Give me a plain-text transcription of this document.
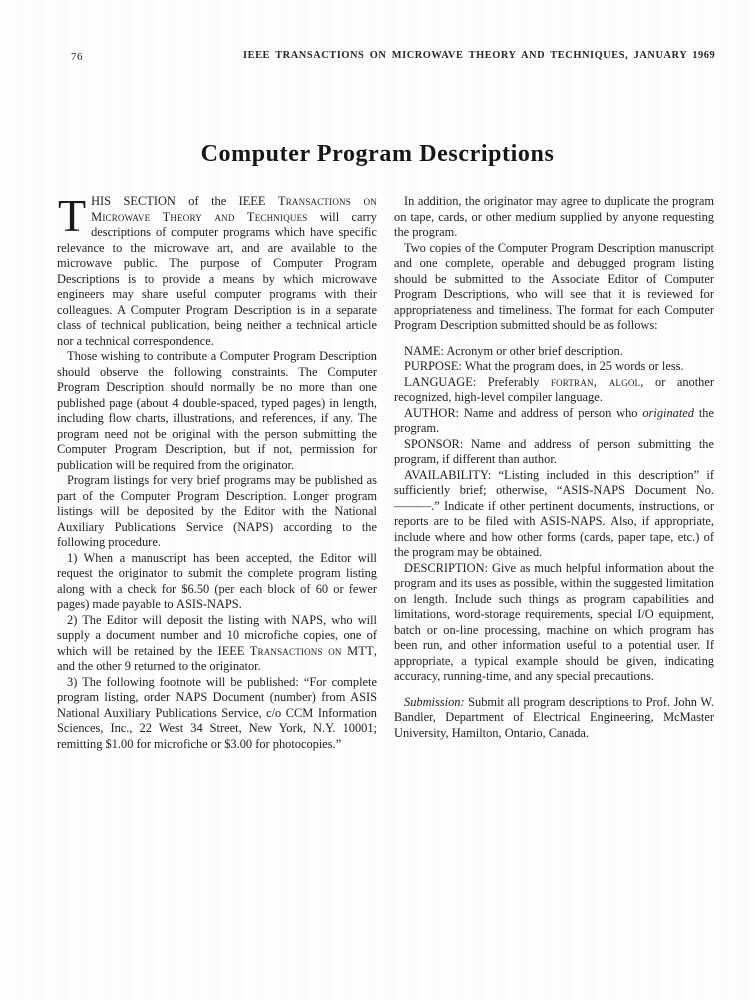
76	IEEE TRANSACTIONS ON MICROWAVE THEORY AND TECHNIQUES, JANUARY 1969
Computer Program Descriptions

THIS SECTION of the IEEE Transactions on Microwave Theory and Techniques will carry descriptions of computer programs which have specific relevance to the microwave art, and are available to the microwave public. The purpose of Computer Program Descriptions is to provide a means by which microwave engineers may share useful computer programs with their colleagues. A Computer Program Description is in a separate class of technical publication, being neither a technical article nor a technical correspondence.

Those wishing to contribute a Computer Program Description should observe the following constraints. The Computer Program Description should normally be no more than one published page (about 4 double-spaced, typed pages) in length, including flow charts, illustrations, and references, if any. The program need not be original with the person submitting the Computer Program Description, but if not, permission for publication will be required from the originator.

Program listings for very brief programs may be published as part of the Computer Program Description. Longer program listings will be deposited by the Editor with the National Auxiliary Publications Service (NAPS) according to the following procedure.

1) When a manuscript has been accepted, the Editor will request the originator to submit the complete program listing along with a check for $6.50 (per each block of 60 or fewer pages) made payable to ASIS-NAPS.

2) The Editor will deposit the listing with NAPS, who will supply a document number and 10 microfiche copies, one of which will be retained by the IEEE Transactions on MTT, and the other 9 returned to the originator.

3) The following footnote will be published: “For complete program listing, order NAPS Document (number) from ASIS National Auxiliary Publications Service, c/o CCM Information Sciences, Inc., 22 West 34 Street, New York, N.Y. 10001; remitting $1.00 for microfiche or $3.00 for photocopies.”

In addition, the originator may agree to duplicate the program on tape, cards, or other medium supplied by anyone requesting the program.

Two copies of the Computer Program Description manuscript and one complete, operable and debugged program listing should be submitted to the Associate Editor of Computer Program Descriptions, who will see that it is reviewed for appropriateness and timeliness. The format for each Computer Program Description submitted should be as follows:

NAME: Acronym or other brief description.

PURPOSE: What the program does, in 25 words or less.

LANGUAGE: Preferably fortran, algol, or another recognized, high-level compiler language.

AUTHOR: Name and address of person who originated the program.

SPONSOR: Name and address of person submitting the program, if different than author.

AVAILABILITY: “Listing included in this description” if sufficiently brief; otherwise, “ASIS-NAPS Document No. ———.” Indicate if other pertinent documents, instructions, or reports are to be filed with ASIS-NAPS. Also, if appropriate, include where and how other forms (cards, paper tape, etc.) of the program may be obtained.

DESCRIPTION: Give as much helpful information about the program and its uses as possible, within the suggested limitation on length. Include such things as program capabilities and limitations, word-storage requirements, special I/O equipment, batch or on-line processing, machine on which program has been run, and other information useful to a potential user. If appropriate, a typical example should be given, indicating accuracy, running-time, and any special precautions.

Submission: Submit all program descriptions to Prof. John W. Bandler, Department of Electrical Engineering, McMaster University, Hamilton, Ontario, Canada.
